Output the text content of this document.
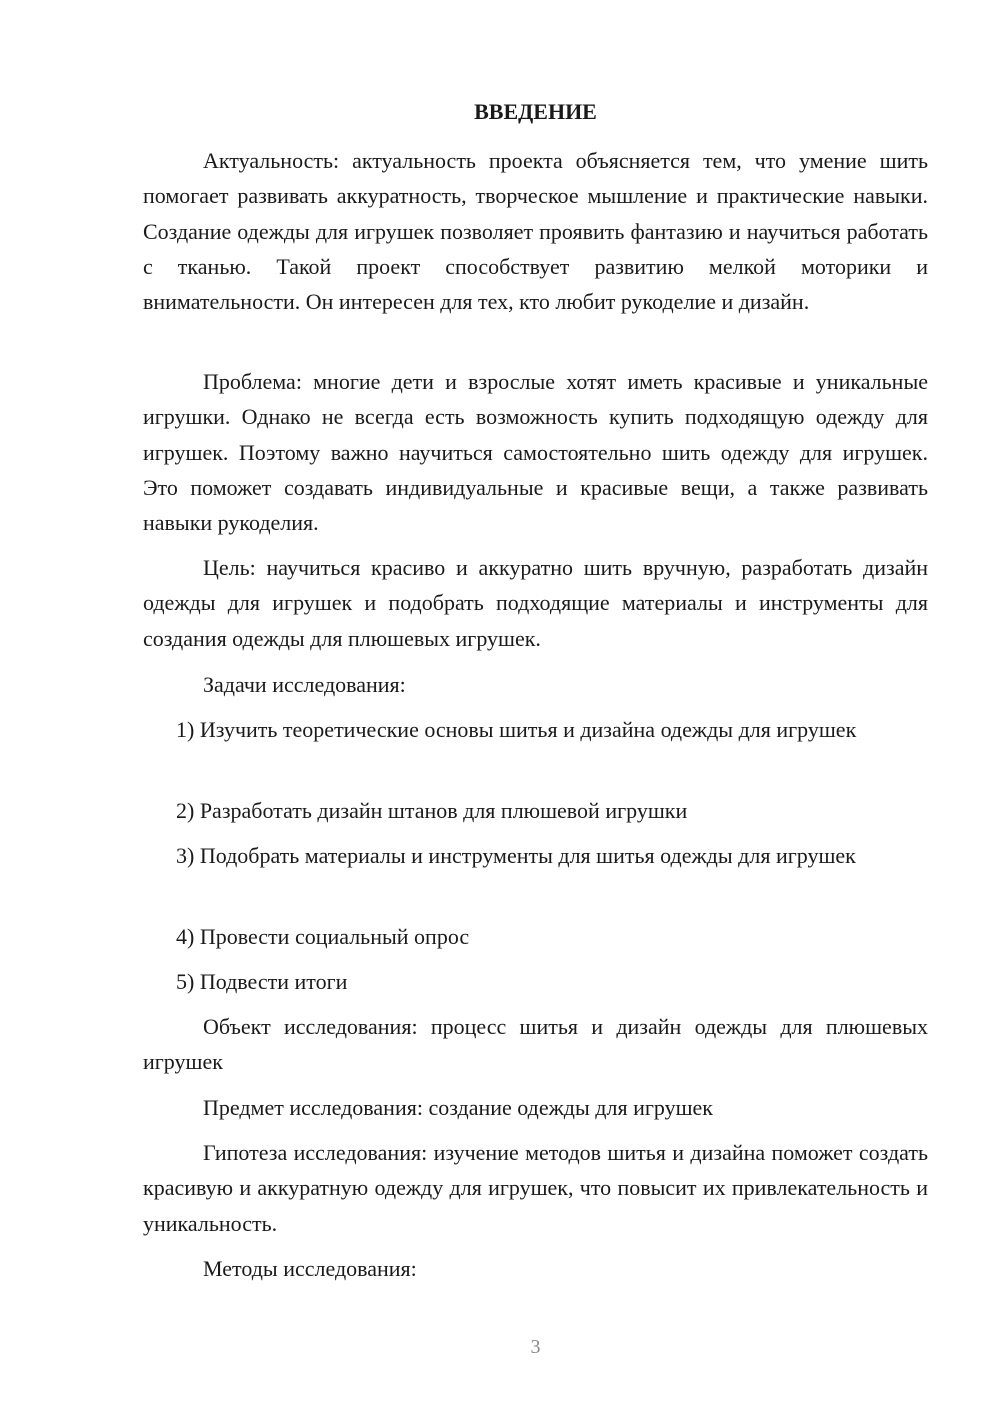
ВВЕДЕНИЕ

Актуальность: актуальность проекта объясняется тем, что умение шить помогает развивать аккуратность, творческое мышление и практические навыки. Создание одежды для игрушек позволяет проявить фантазию и научиться работать с тканью. Такой проект способствует развитию мелкой моторики и внимательности. Он интересен для тех, кто любит рукоделие и дизайн.

Проблема: многие дети и взрослые хотят иметь красивые и уникальные игрушки. Однако не всегда есть возможность купить подходящую одежду для игрушек. Поэтому важно научиться самостоятельно шить одежду для игрушек. Это поможет создавать индивидуальные и красивые вещи, а также развивать навыки рукоделия.

Цель: научиться красиво и аккуратно шить вручную, разработать дизайн одежды для игрушек и подобрать подходящие материалы и инструменты для создания одежды для плюшевых игрушек.

Задачи исследования:

1) Изучить теоретические основы шитья и дизайна одежды для игрушек

2) Разработать дизайн штанов для плюшевой игрушки

3) Подобрать материалы и инструменты для шитья одежды для игрушек

4) Провести социальный опрос

5) Подвести итоги

Объект исследования: процесс шитья и дизайн одежды для плюшевых игрушек

Предмет исследования: создание одежды для игрушек

Гипотеза исследования: изучение методов шитья и дизайна поможет создать красивую и аккуратную одежду для игрушек, что повысит их привлекательность и уникальность.

Методы исследования:

3
